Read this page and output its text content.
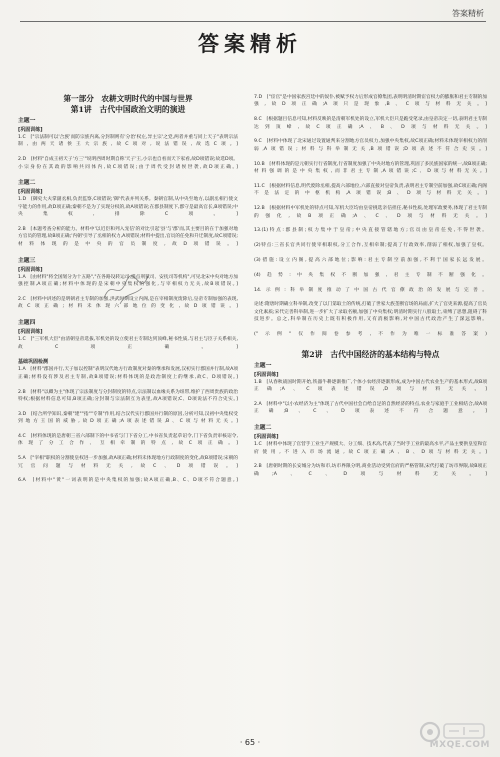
答案精析
答案精析
第一部分　农耕文明时代的中国与世界
第1讲　古代中国政治文明的演进
主题一
[巩固训练]
1.C　["宗法制可以'合族'而防宗族内离,分封制则有'分治'权左,异主宗'之党,两者并重与同上天子"表明宗法制,由两天诸侯王大宗族,故C项对,说法错误,故选C项。]
2.D　[材料"自成王初天子'方三'"说明西周时期自称'天子'王,小宗也自看而天下家看,故D项错误;故选D项。小宗身份在其政的影响共同体内,故C项错误;由于周代受封诸侯世袭,故D项正确。]
主题二
[巩固训练]
1.D　[御史大夫掌副丞相,负责监察,C项错误;'御'代表并列关系。秦朝官制,从中央至地方,以副丞相行使文字能力的作用,故D项正确;秦朝不是为了实现分权的,故A项错误;在郡县制度下,郡守是最高官长,B项错误;中央集权,排除C项。]
2.B　[本题考查分析的能力。材料中'以近臣和列入宠信'的对比引起'县'与'郡'而,其主要目的在于加强对地方官员的管理,故B项正确;'内朝'引导了丞相的权力,A项错误;材料中提出,官员的任免和升迁制度,故C项错误;材料体现的是中央的官员制度,故D项错误。]
主题三
[巩固训练]
1.A　[由材料"将全国划分为十五路","在各路设转运司,提点刑狱司、安抚司等机构",可见北宋中央对地方加强控制,A项正确;材料中体现的是宋朝中央集权的强化,与宰相权力无关,故B项错误。]
2.C　[材料中讲述的是明朝君主专制的加强,洪武时期设立内阁,是在宰相制度废除后,皇帝专制加强的表现,故C项正确;材料未体现六部地位的变化,故D项错误。]
主题四
[巩固训练]
1.C　["三军机大臣"由清朝皇帝选拔,军机处的设立使君主专制达到顶峰,秘书性质,与君主与臣子关系相关,故C项正确。]
基础巩固检测
1.A　[材料"郡国并行,天子加以控制"表明汉代地方行政制度对秦的继承和发展,汉初实行郡国并行制,故A项正确;材料没有涉及君主专制,故B项错误;材料体现的是政治制度上的继承,故C、D项错误。]
2.B　[材料"以卿为主"体现了宗法制度与分封制度的特点,宗法制以血缘关系为纽带,维护了西周贵族的政治特权;根据材料信息可知,B项正确;分封制与宗法制互为表里,故A项错误;C、D项说法不符合史实。]
3.D　[结合所学知识,秦朝"建""指""专制"作用,结合汉代实行郡国并行制的原因,分析可知,汉初中央集权受到地方王国的威胁,故D项正确;A项表述错误,B、C项与材料无关。]
4.C　[材料体现的是唐朝三省六部制下的中书省与门下省分工,中书省负责起草诏令,门下省负责审核诏令,体现了分工合作、互相牵制的特点,故C项正确。]
5.A　["宰相"职权的分割使皇权进一步加强,故A项正确;材料未体现地方行政制度的变化,故B项错误;宋朝的冗官问题与材料无关,故C、D项错误。]
6.A　[材料中"黄"一词表明的是中央集权的加强;故A项正确,B、C、D项不符合题意。]
7.D　["宦官"是中国家族宫廷中的奴仆,被赋予权力后形成官僚集团,表明明清时期宦官权力的膨胀和君主专制的加强,故D项正确;A项只是现象,B、C项与材料无关。]
8.C　[根据题目信息可知,材料反映的是清朝军机处的设立,军机大臣只是跪受笔录,由皇帝决定一切,表明君主专制达到顶峰,故C项正确;A、B、D项与材料无关。]
9.C　[材料中体现了北宋通过设置通判来分割地方官员权力,加强中央集权,故C项正确;材料未体现宰相权力的削弱,A项错误;材料与科举制无关,B项错误;D项表述不符合史实。]
10.B　[材料体现的是元朝实行行省制度,行省制度加强了中央对地方的管理,巩固了多民族国家的统一,故B项正确;材料强调的是中央集权,而非君主专制,A项错误;C、D项与材料无关。]
11.C　[根据材料信息,明代废除丞相,提高六部地位,六部直接对皇帝负责,表明君主专制空前加强,故C项正确;内阁不是法定的中枢机构,A项错误;B、D项与材料无关。]
12.B　[根据材料中军机处的特点可知,军机大臣均由皇帝挑选亲信担任,秘书性质,处理军政要务,体现了君主专制的强化,故B项正确;A、C、D项与材料无关。]
13.(1)特点:郡县制;权力集中于皇帝;中央直接管辖地方;官员由皇帝任免,不得世袭。
(2)特点:三省长官共同行使宰相职权,分工合作,互相牵制;提高了行政效率,削弱了相权,加强了皇权。
(3)措施:设立内阁,提高六部地位;影响:君主专制空前加强,不利于国家长远发展。
(4)趋势:中央集权不断加强,君主专制不断强化。
14.示例:科举制度推动了中国古代官僚政治的发展与完善。
论述:隋唐时期确立科举制,改变了以门第取士的传统,打破了世家大族垄断官场的局面,扩大了官吏来源,提高了官员文化素质;宋代完善科举制,进一步扩大了录取名额,加强了中央集权;明清时期实行八股取士,束缚了思想,阻碍了科技进步。总之,科举制在历史上既有积极作用,又有消极影响,对中国古代政治产生了深远影响。
("示例"仅作阅卷参考,不作为唯一标准答案)
第2讲　古代中国经济的基本结构与特点
主题一
[巩固训练]
1.B　[从春秋战国时期开始,铁器牛耕逐渐推广,个体小农经济逐渐形成,成为中国古代农业生产的基本形式,故B项正确;A、C项表述错误,D项与材料无关。]
2.A　[材料中"以小农经济为主"体现了古代中国社会自给自足的自然经济的特点,农业与家庭手工业相结合,故A项正确;B、C、D项表述不符合题意。]
主题二
[巩固训练]
1.C　[材料中体现了官营手工业生产规模大、分工细、技术高,代表了当时手工业的最高水平,产品主要供皇室和官府使用,不进入市场流通,故C项正确;A、B、D项与材料无关。]
2.B　[唐朝时期的长安城分为坊和市,坊市界限分明,商业活动受到官府的严格管制,宋代打破了坊市界限,故B项正确;A、C、D项与材料无关。]
· 65 ·	MXQE.COM
